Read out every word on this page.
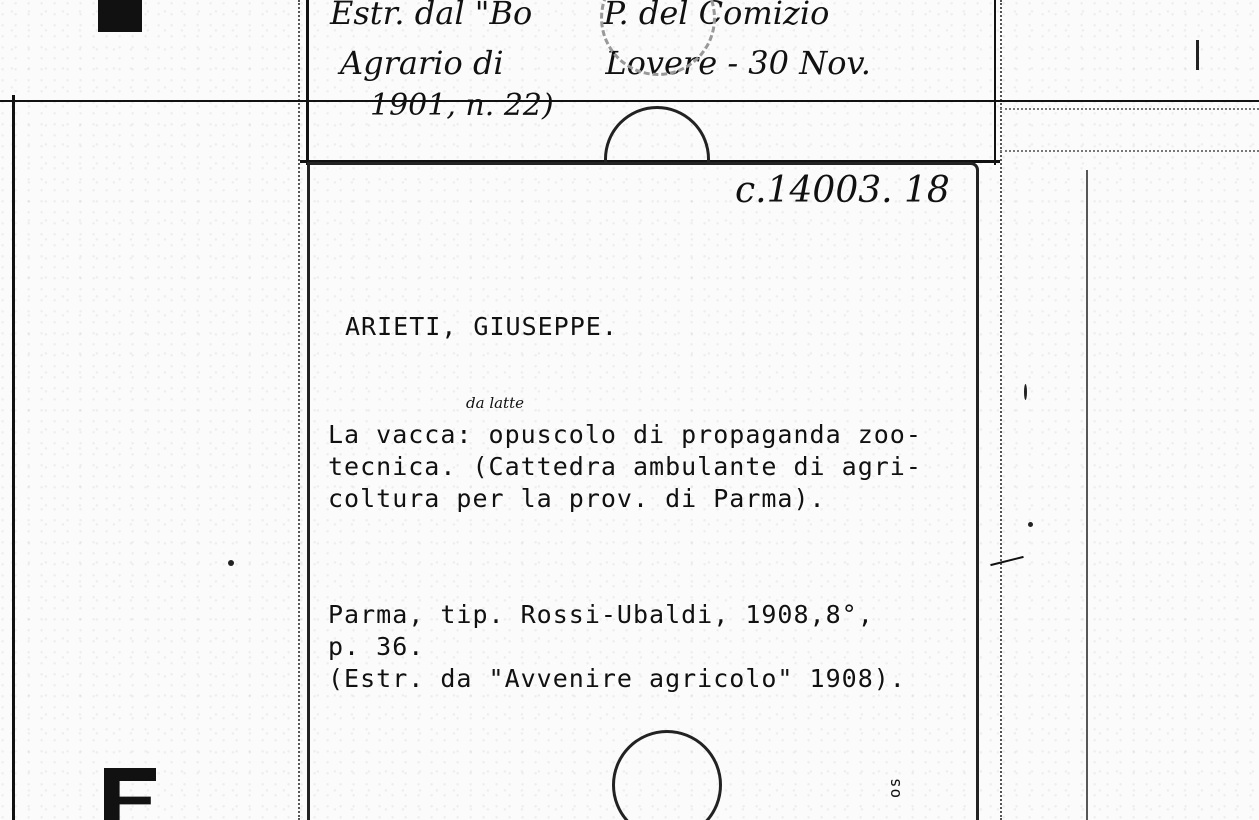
Estr. dal "Bo       P. del Comizio
Agrario di          Lovere - 30 Nov.
1901, n. 22)
c.14003. 18
ARIETI, GIUSEPPE.
da latte
La vacca: opuscolo di propaganda zoo-
tecnica. (Cattedra ambulante di agri-
coltura per la prov. di Parma).
Parma, tip. Rossi-Ubaldi, 1908,8°,
p. 36.
(Estr. da "Avvenire agricolo" 1908).
os
